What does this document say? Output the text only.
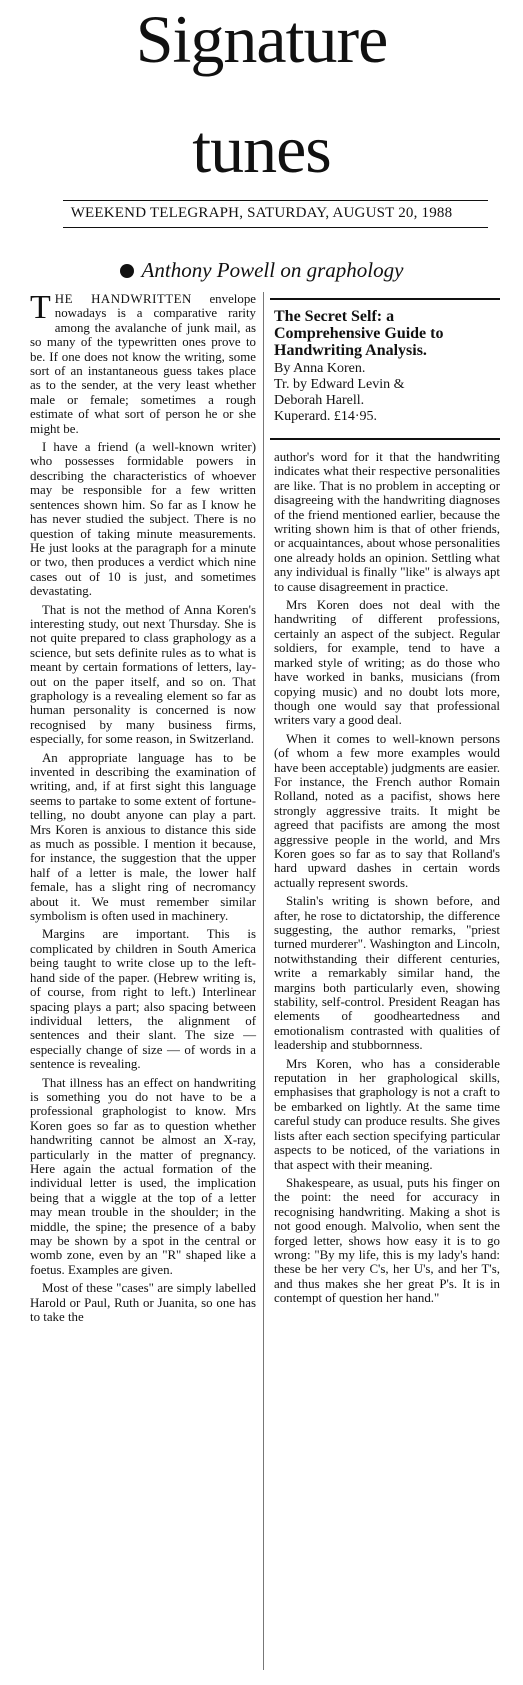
Signature
tunes
WEEKEND TELEGRAPH, SATURDAY, AUGUST 20, 1988
Anthony Powell on graphology

THE HANDWRITTEN envelope nowadays is a comparative rarity among the avalanche of junk mail, as so many of the typewritten ones prove to be. If one does not know the writing, some sort of an instantaneous guess takes place as to the sender, at the very least whether male or female; sometimes a rough estimate of what sort of person he or she might be.

I have a friend (a well-known writer) who possesses formidable powers in describing the characteristics of whoever may be responsible for a few written sentences shown him. So far as I know he has never studied the subject. There is no question of taking minute measurements. He just looks at the paragraph for a minute or two, then produces a verdict which nine cases out of 10 is just, and sometimes devastating.

That is not the method of Anna Koren's interesting study, out next Thursday. She is not quite prepared to class graphology as a science, but sets definite rules as to what is meant by certain formations of letters, lay-out on the paper itself, and so on. That graphology is a revealing element so far as human personality is concerned is now recognised by many business firms, especially, for some reason, in Switzerland.

An appropriate language has to be invented in describing the examination of writing, and, if at first sight this language seems to partake to some extent of fortune-telling, no doubt anyone can play a part. Mrs Koren is anxious to distance this side as much as possible. I mention it because, for instance, the suggestion that the upper half of a letter is male, the lower half female, has a slight ring of necromancy about it. We must remember similar symbolism is often used in machinery.

Margins are important. This is complicated by children in South America being taught to write close up to the left-hand side of the paper. (Hebrew writing is, of course, from right to left.) Interlinear spacing plays a part; also spacing between individual letters, the alignment of sentences and their slant. The size — especially change of size — of words in a sentence is revealing.

That illness has an effect on handwriting is something you do not have to be a professional graphologist to know. Mrs Koren goes so far as to question whether handwriting cannot be almost an X-ray, particularly in the matter of pregnancy. Here again the actual formation of the individual letter is used, the implication being that a wiggle at the top of a letter may mean trouble in the shoulder; in the middle, the spine; the presence of a baby may be shown by a spot in the central or womb zone, even by an "R" shaped like a foetus. Examples are given.

Most of these "cases" are simply labelled Harold or Paul, Ruth or Juanita, so one has to take the

The Secret Self: a Comprehensive Guide to Handwriting Analysis.

By Anna Koren.

Tr. by Edward Levin &

Deborah Harell.

Kuperard. £14·95.

author's word for it that the handwriting indicates what their respective personalities are like. That is no problem in accepting or disagreeing with the handwriting diagnoses of the friend mentioned earlier, because the writing shown him is that of other friends, or acquaintances, about whose personalities one already holds an opinion. Settling what any individual is finally "like" is always apt to cause disagreement in practice.

Mrs Koren does not deal with the handwriting of different professions, certainly an aspect of the subject. Regular soldiers, for example, tend to have a marked style of writing; as do those who have worked in banks, musicians (from copying music) and no doubt lots more, though one would say that professional writers vary a good deal.

When it comes to well-known persons (of whom a few more examples would have been acceptable) judgments are easier. For instance, the French author Romain Rolland, noted as a pacifist, shows here strongly aggressive traits. It might be agreed that pacifists are among the most aggressive people in the world, and Mrs Koren goes so far as to say that Rolland's hard upward dashes in certain words actually represent swords.

Stalin's writing is shown before, and after, he rose to dictatorship, the difference suggesting, the author remarks, "priest turned murderer". Washington and Lincoln, notwithstanding their different centuries, write a remarkably similar hand, the margins both particularly even, showing stability, self-control. President Reagan has elements of goodheartedness and emotionalism contrasted with qualities of leadership and stubbornness.

Mrs Koren, who has a considerable reputation in her graphological skills, emphasises that graphology is not a craft to be embarked on lightly. At the same time careful study can produce results. She gives lists after each section specifying particular aspects to be noticed, of the variations in that aspect with their meaning.

Shakespeare, as usual, puts his finger on the point: the need for accuracy in recognising handwriting. Making a shot is not good enough. Malvolio, when sent the forged letter, shows how easy it is to go wrong: "By my life, this is my lady's hand: these be her very C's, her U's, and her T's, and thus makes she her great P's. It is in contempt of question her hand."
